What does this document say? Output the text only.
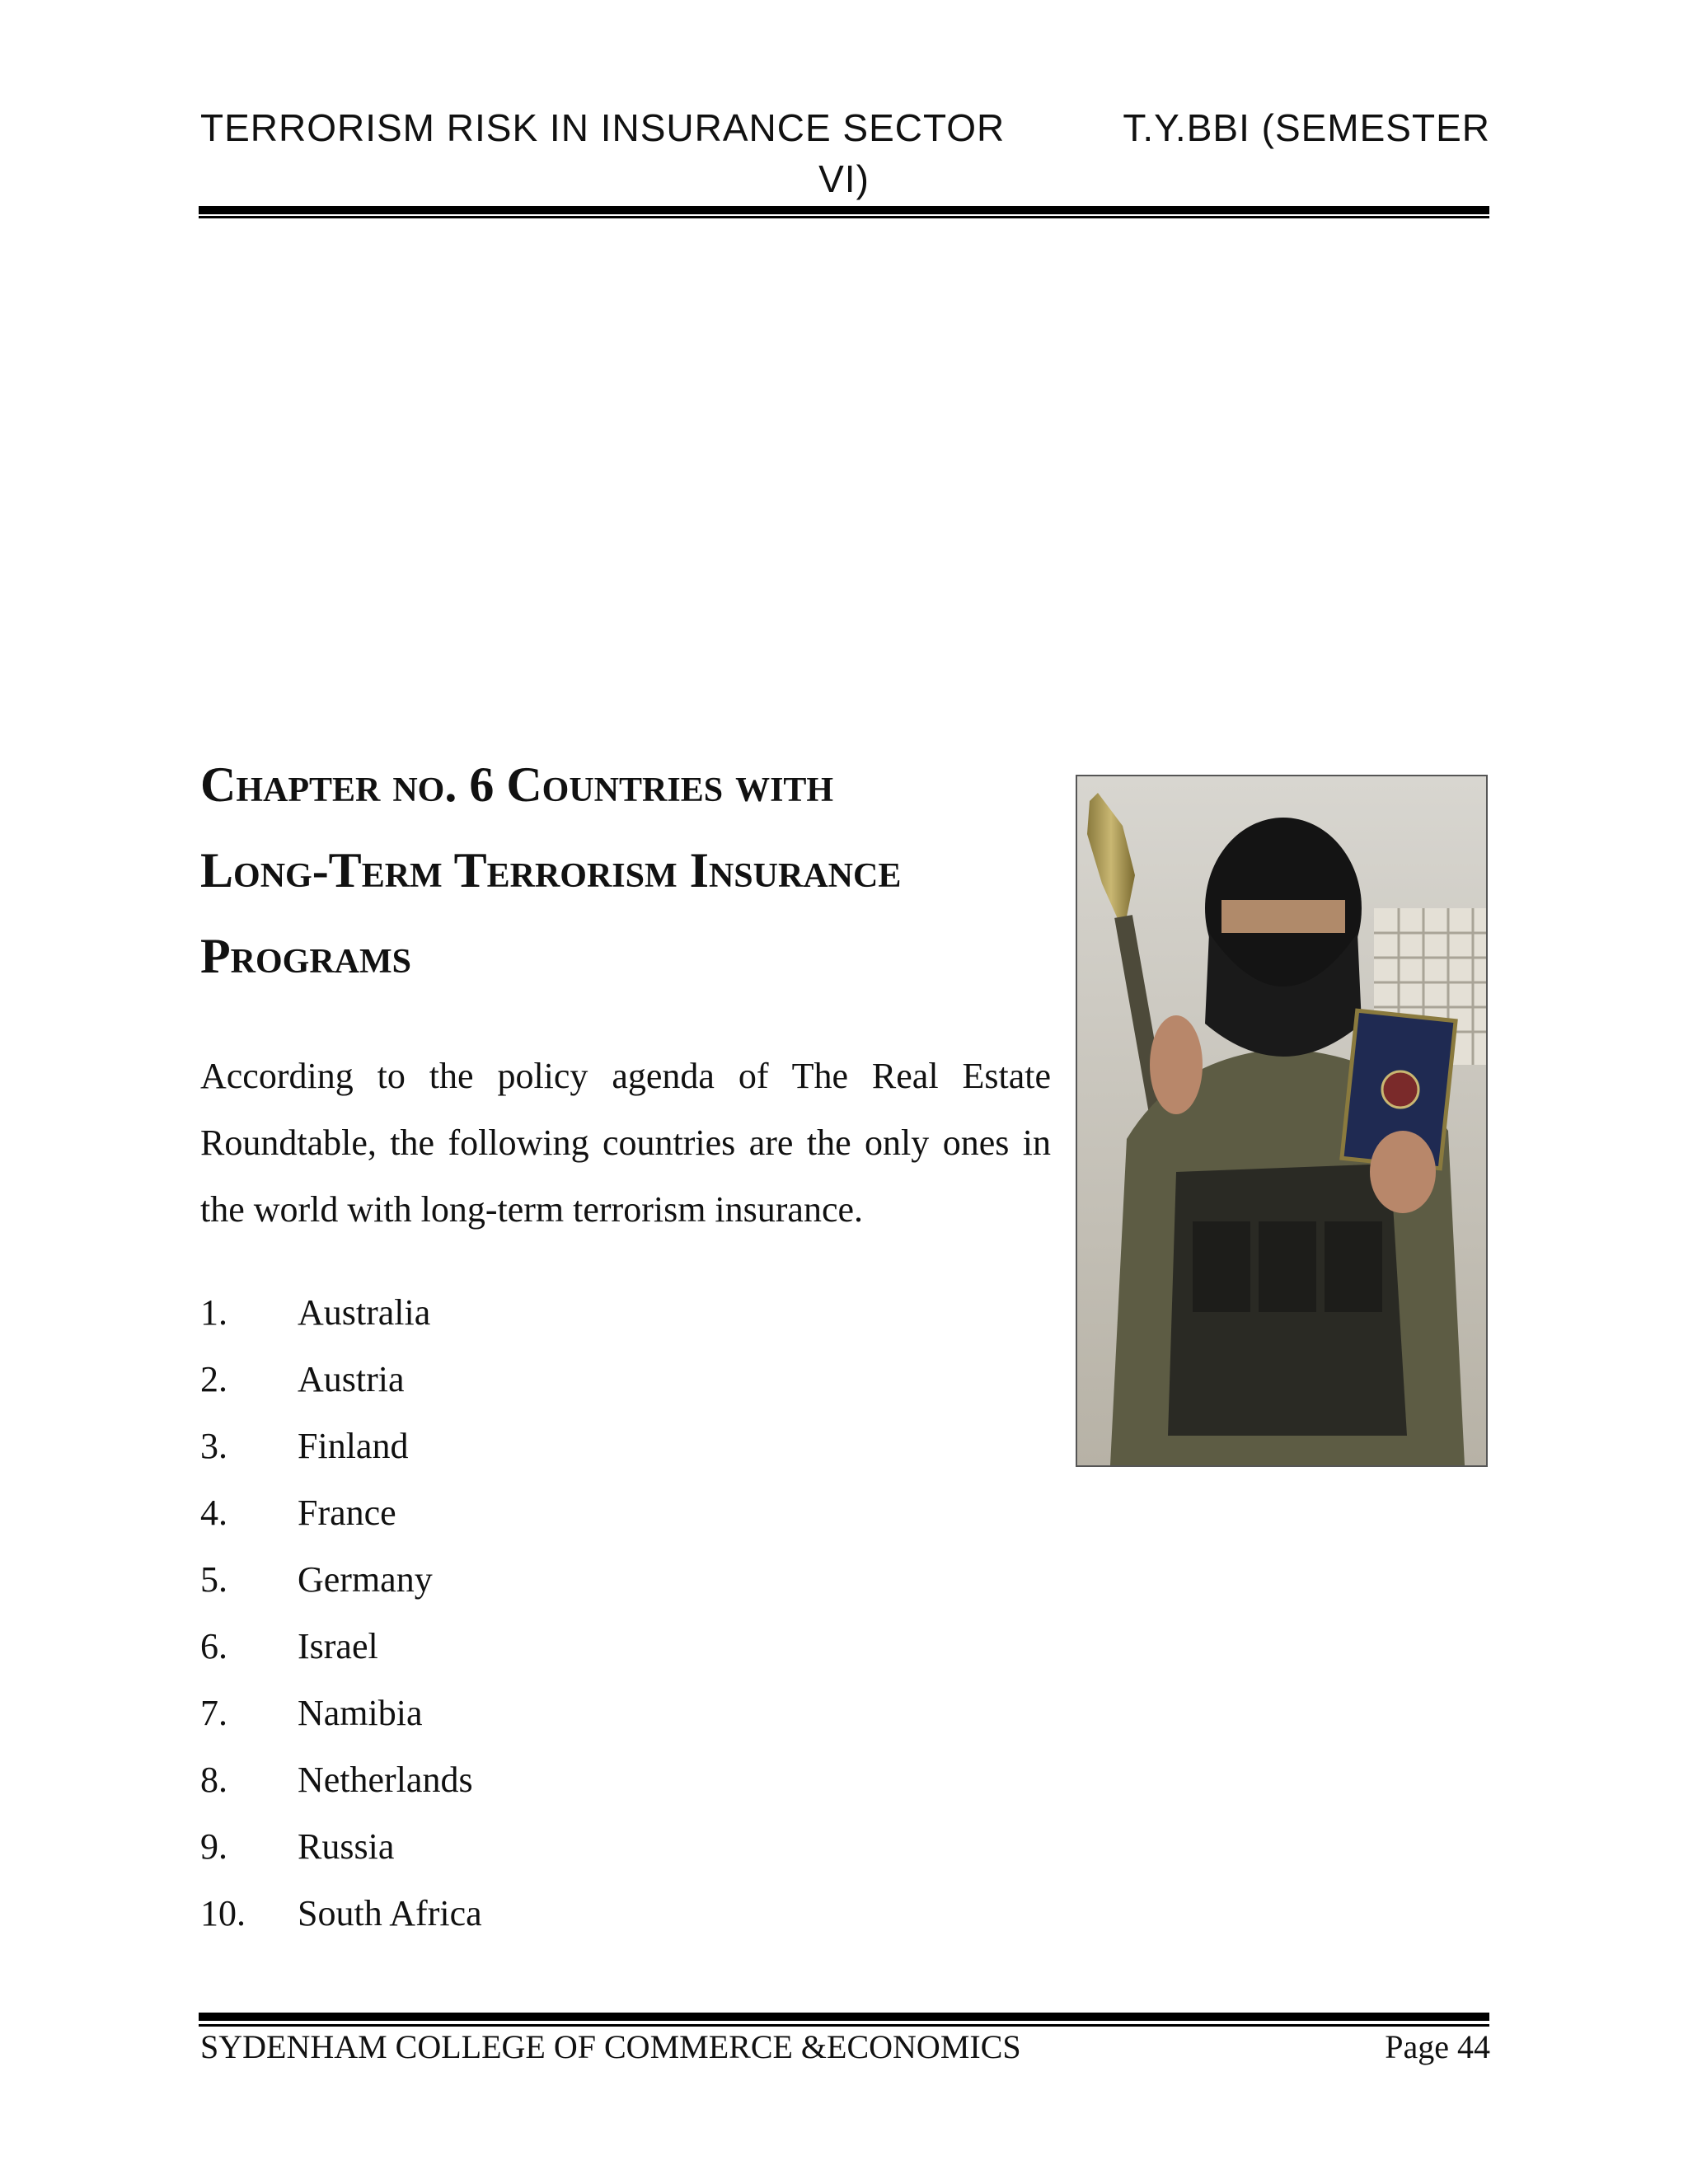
TERRORISM RISK IN INSURANCE SECTOR	T.Y.BBI (SEMESTER
VI)
Chapter no. 6 Countries with
Long-Term Terrorism Insurance
Programs

According to the policy agenda of The Real Estate Roundtable, the following countries are the only ones in the world with long-term terrorism insurance.

1. Australia
2. Austria
3. Finland
4. France
5. Germany
6. Israel
7. Namibia
8. Netherlands
9. Russia
10. South Africa
SYDENHAM COLLEGE OF COMMERCE &ECONOMICS	Page 44
